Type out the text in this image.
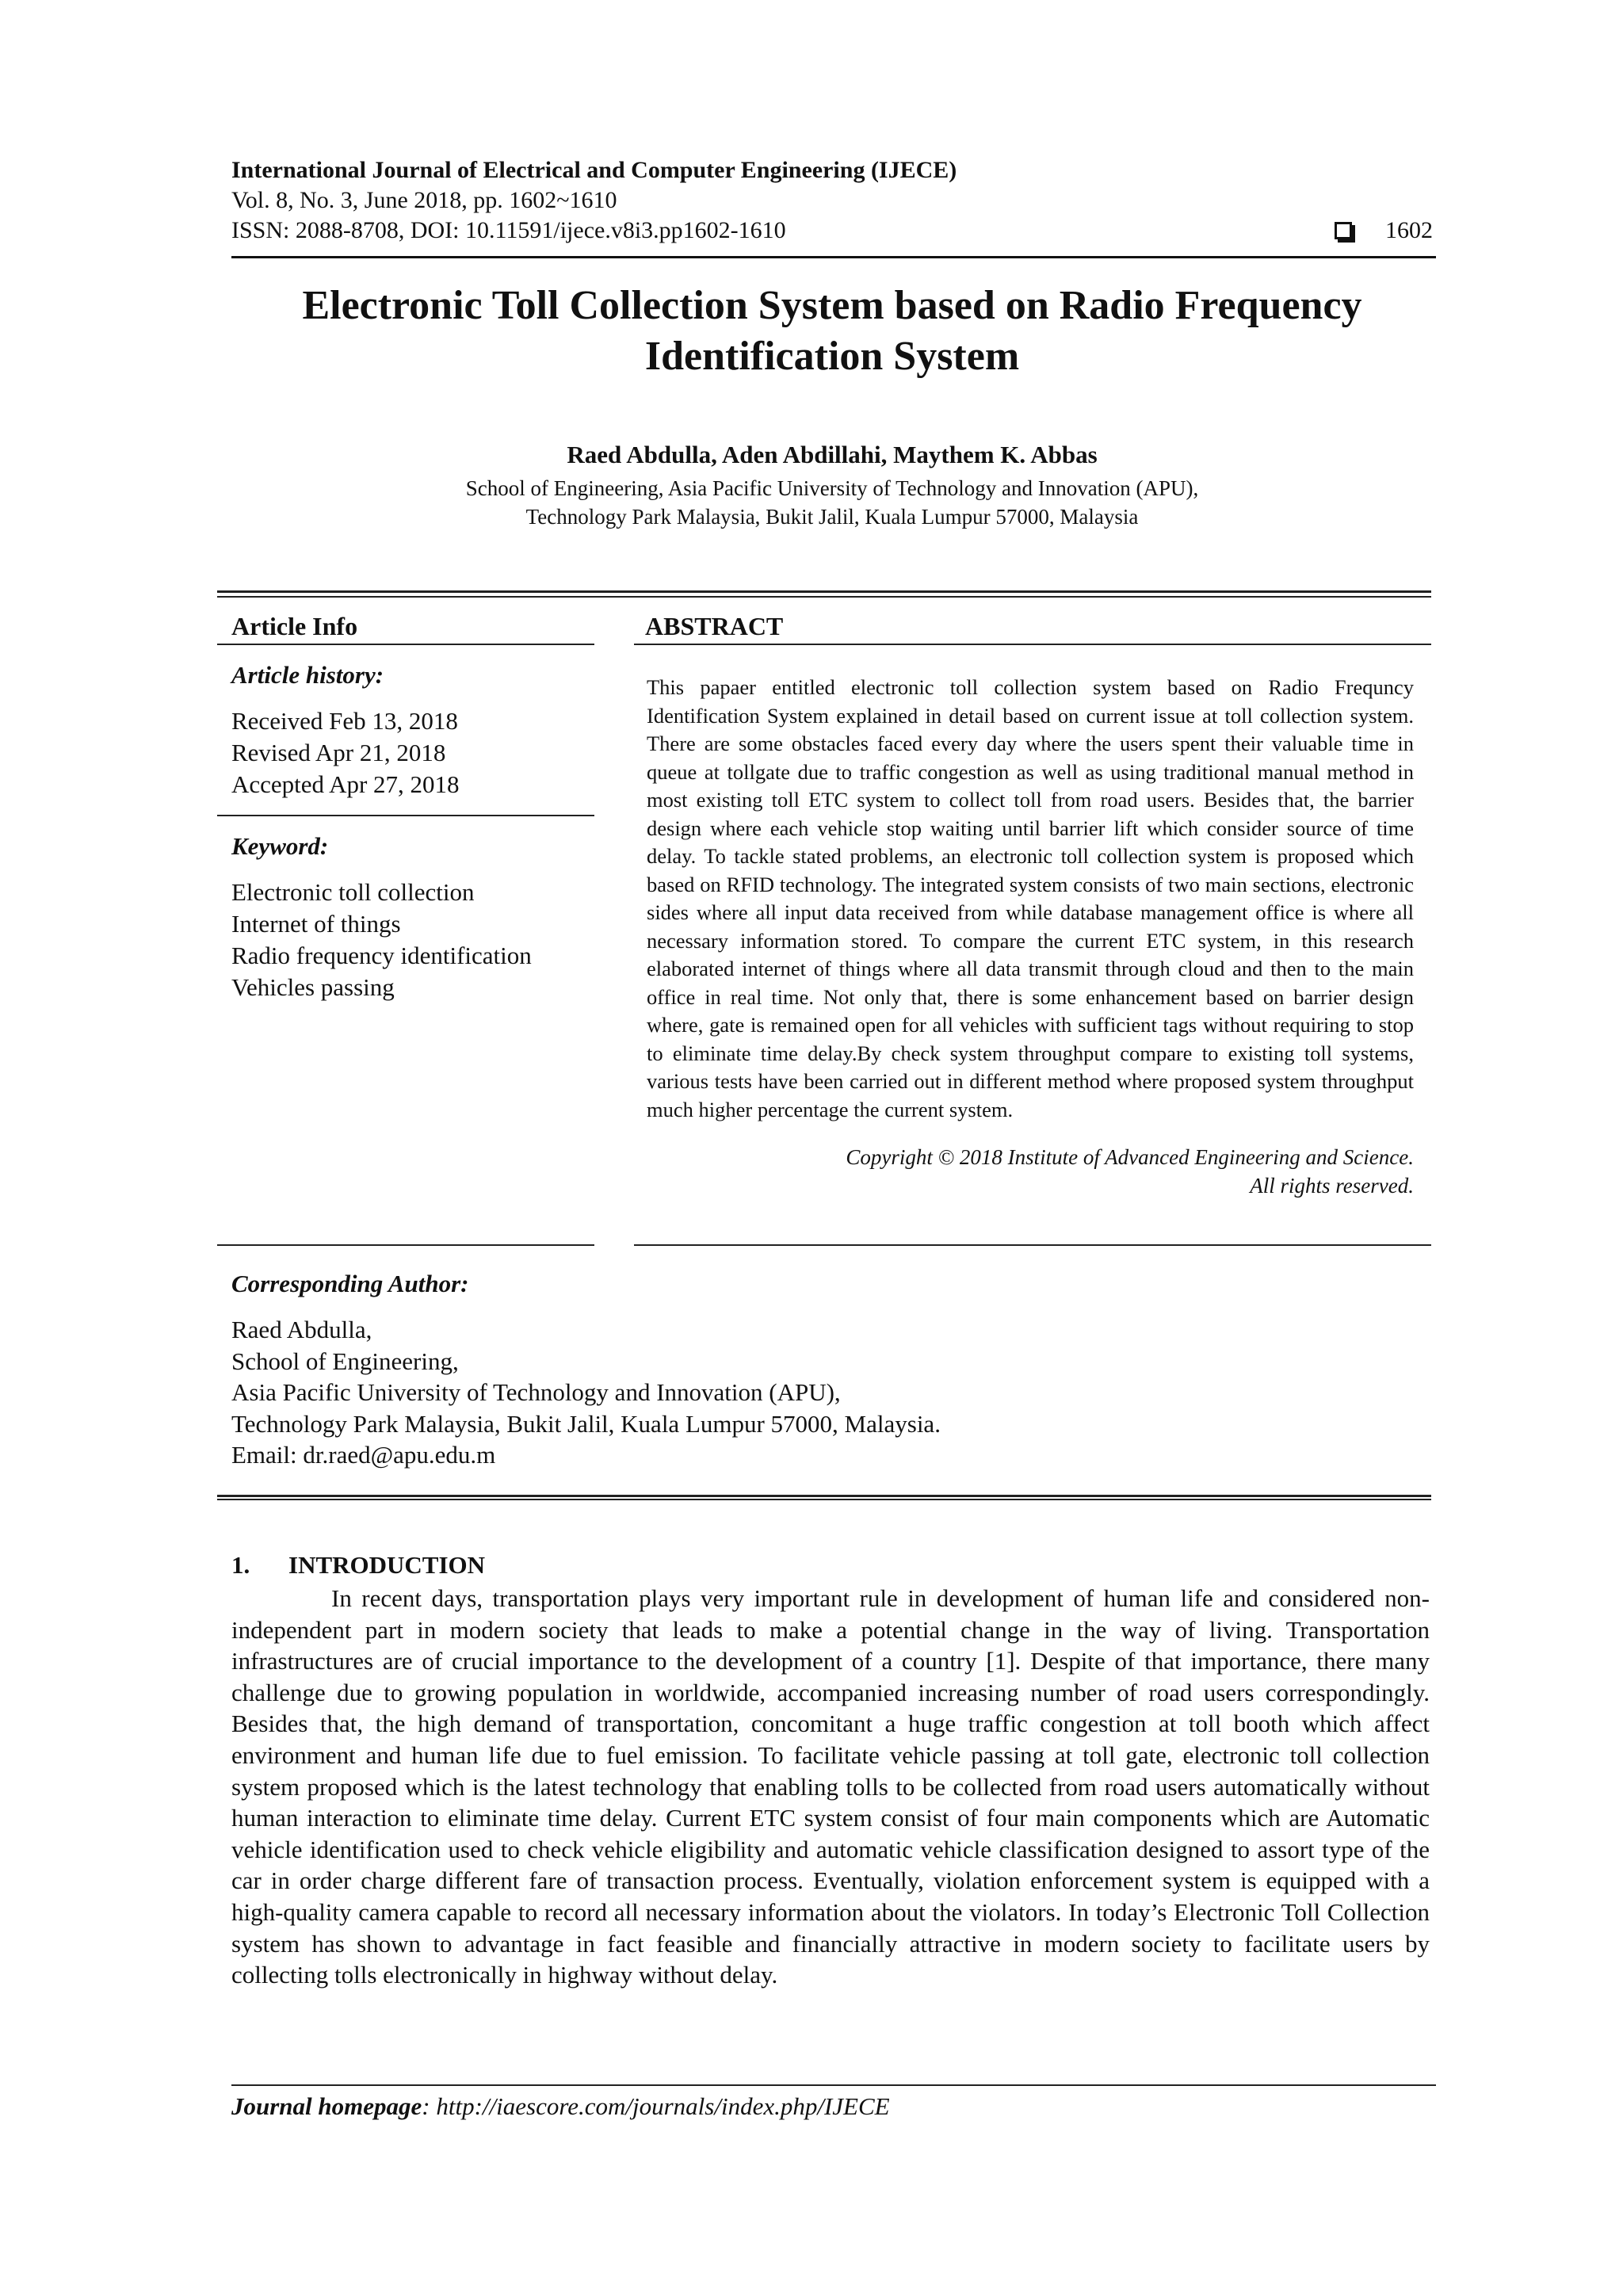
International Journal of Electrical and Computer Engineering (IJECE)
Vol. 8, No. 3, June 2018, pp. 1602~1610
ISSN: 2088-8708, DOI: 10.11591/ijece.v8i3.pp1602-1610	1602
Electronic Toll Collection System based on Radio Frequency
Identification System
Raed Abdulla, Aden Abdillahi, Maythem K. Abbas
School of Engineering, Asia Pacific University of Technology and Innovation (APU),
Technology Park Malaysia, Bukit Jalil, Kuala Lumpur 57000, Malaysia
Article Info
Article history:
Received Feb 13, 2018
Revised Apr 21, 2018
Accepted Apr 27, 2018
Keyword:
Electronic toll collection
Internet of things
Radio frequency identification
Vehicles passing
ABSTRACT
This papaer entitled electronic toll collection system based on Radio Frequncy Identification System explained in detail based on current issue at toll collection system. There are some obstacles faced every day where the users spent their valuable time in queue at tollgate due to traffic congestion as well as using traditional manual method in most existing toll ETC system to collect toll from road users. Besides that, the barrier design where each vehicle stop waiting until barrier lift which consider source of time delay. To tackle stated problems, an electronic toll collection system is proposed which based on RFID technology. The integrated system consists of two main sections, electronic sides where all input data received from while database management office is where all necessary information stored. To compare the current ETC system, in this research elaborated internet of things where all data transmit through cloud and then to the main office in real time. Not only that, there is some enhancement based on barrier design where, gate is remained open for all vehicles with sufficient tags without requiring to stop to eliminate time delay.By check system throughput compare to existing toll systems, various tests have been carried out in different method where proposed system throughput much higher percentage the current system.
Copyright © 2018 Institute of Advanced Engineering and Science.
All rights reserved.
Corresponding Author:
Raed Abdulla,
School of Engineering,
Asia Pacific University of Technology and Innovation (APU),
Technology Park Malaysia, Bukit Jalil, Kuala Lumpur 57000, Malaysia.
Email: dr.raed@apu.edu.m
1. INTRODUCTION
In recent days, transportation plays very important rule in development of human life and considered non-independent part in modern society that leads to make a potential change in the way of living. Transportation infrastructures are of crucial importance to the development of a country [1]. Despite of that importance, there many challenge due to growing population in worldwide, accompanied increasing number of road users correspondingly. Besides that, the high demand of transportation, concomitant a huge traffic congestion at toll booth which affect environment and human life due to fuel emission. To facilitate vehicle passing at toll gate, electronic toll collection system proposed which is the latest technology that enabling tolls to be collected from road users automatically without human interaction to eliminate time delay. Current ETC system consist of four main components which are Automatic vehicle identification used to check vehicle eligibility and automatic vehicle classification designed to assort type of the car in order charge different fare of transaction process. Eventually, violation enforcement system is equipped with a high-quality camera capable to record all necessary information about the violators. In today’s Electronic Toll Collection system has shown to advantage in fact feasible and financially attractive in modern society to facilitate users by collecting tolls electronically in highway without delay.
Journal homepage: http://iaescore.com/journals/index.php/IJECE
